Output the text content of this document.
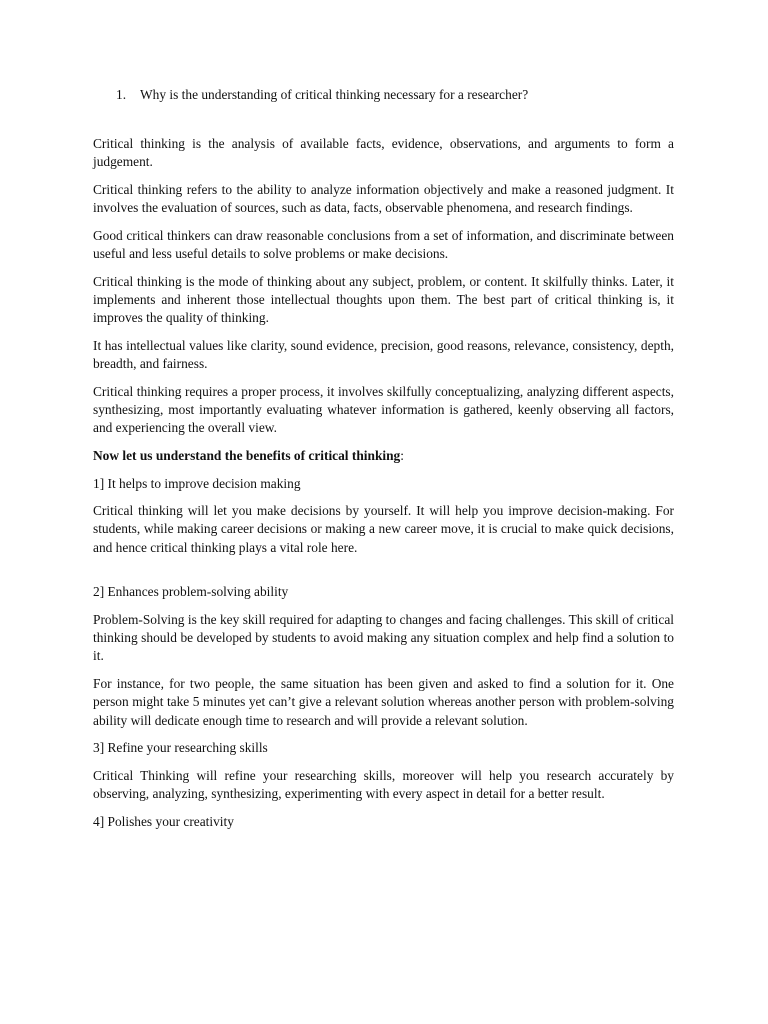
1.	Why is the understanding of critical thinking necessary for a researcher?

Critical thinking is the analysis of available facts, evidence, observations, and arguments to form a judgement.

Critical thinking refers to the ability to analyze information objectively and make a reasoned judgment. It involves the evaluation of sources, such as data, facts, observable phenomena, and research findings.

Good critical thinkers can draw reasonable conclusions from a set of information, and discriminate between useful and less useful details to solve problems or make decisions.

Critical thinking is the mode of thinking about any subject, problem, or content. It skilfully thinks. Later, it implements and inherent those intellectual thoughts upon them. The best part of critical thinking is, it improves the quality of thinking.

It has intellectual values like clarity, sound evidence, precision, good reasons, relevance, consistency, depth, breadth, and fairness.

Critical thinking requires a proper process, it involves skilfully conceptualizing, analyzing different aspects, synthesizing, most importantly evaluating whatever information is gathered, keenly observing all factors, and experiencing the overall view.

Now let us understand the benefits of critical thinking:

1] It helps to improve decision making

Critical thinking will let you make decisions by yourself. It will help you improve decision-making. For students, while making career decisions or making a new career move, it is crucial to make quick decisions, and hence critical thinking plays a vital role here.

2] Enhances problem-solving ability

Problem-Solving is the key skill required for adapting to changes and facing challenges. This skill of critical thinking should be developed by students to avoid making any situation complex and help find a solution to it.

For instance, for two people, the same situation has been given and asked to find a solution for it. One person might take 5 minutes yet can’t give a relevant solution whereas another person with problem-solving ability will dedicate enough time to research and will provide a relevant solution.

3] Refine your researching skills

Critical Thinking will refine your researching skills, moreover will help you research accurately by observing, analyzing, synthesizing, experimenting with every aspect in detail for a better result.

4] Polishes your creativity
